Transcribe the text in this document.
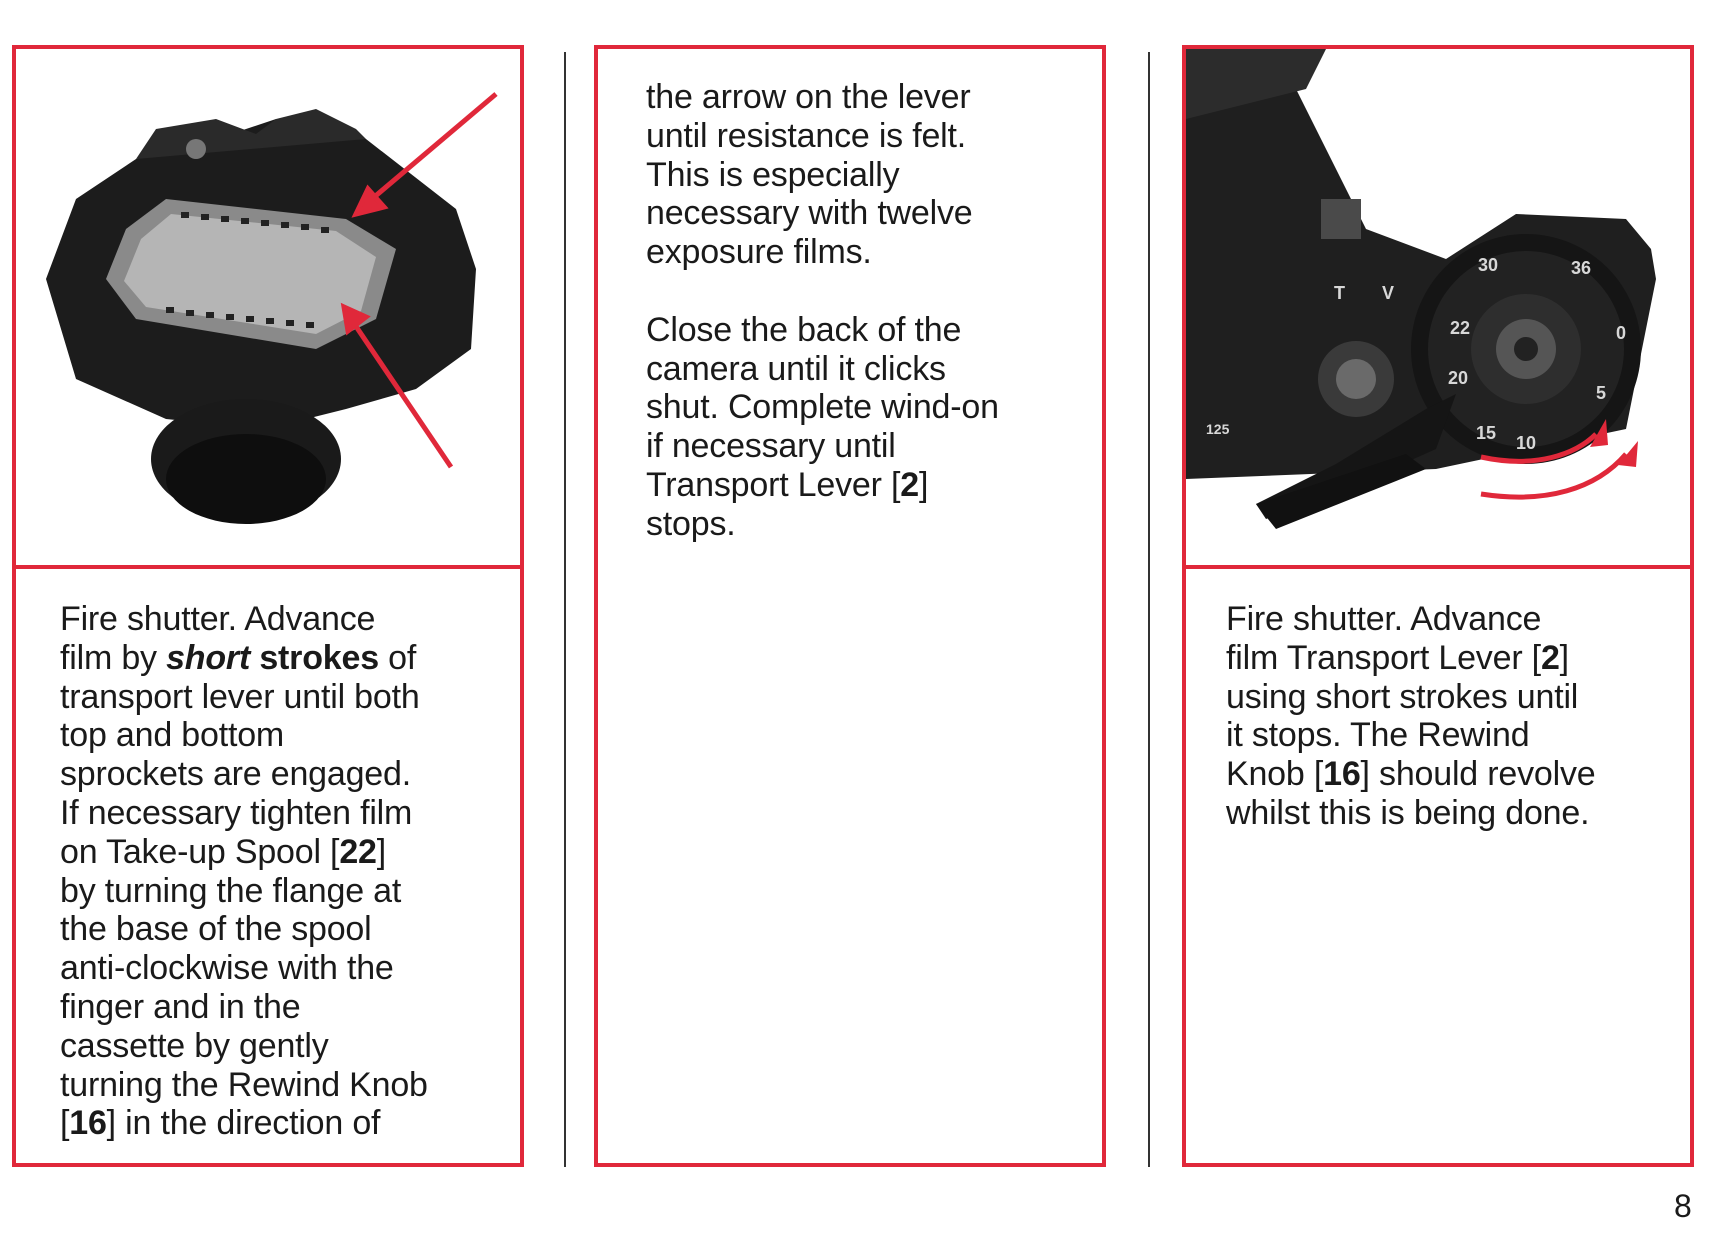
Fire shutter. Advance
film by short strokes of
transport lever until both
top and bottom
sprockets are engaged.
If necessary tighten film
on Take-up Spool [22]
by turning the flange at
the base of the spool
anti-clockwise with the
finger and in the
cassette by gently
turning the Rewind Knob
[16] in the direction of
the arrow on the lever
until resistance is felt.
This is especially
necessary with twelve
exposure films.
Close the back of the
camera until it clicks
shut. Complete wind-on
if necessary until
Transport Lever [2]
stops.
T V
30
22
20
15 10
5
0
36
125
Fire shutter. Advance
film Transport Lever [2]
using short strokes until
it stops. The Rewind
Knob [16] should revolve
whilst this is being done.
8
